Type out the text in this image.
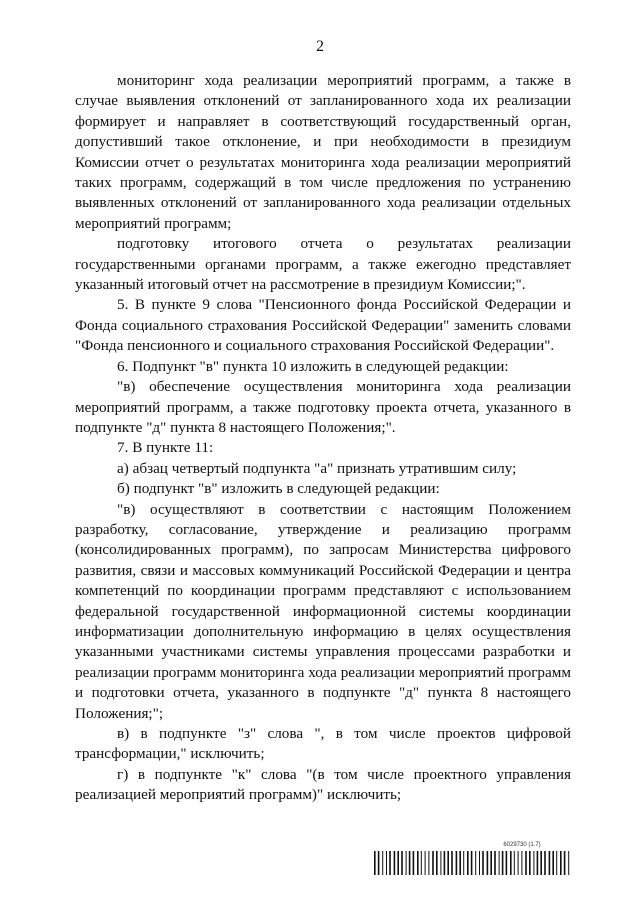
2

мониторинг хода реализации мероприятий программ, а также в случае выявления отклонений от запланированного хода их реализации формирует и направляет в соответствующий государственный орган, допустивший такое отклонение, и при необходимости в президиум Комиссии отчет о результатах мониторинга хода реализации мероприятий таких программ, содержащий в том числе предложения по устранению выявленных отклонений от запланированного хода реализации отдельных мероприятий программ;

подготовку итогового отчета о результатах реализации государственными органами программ, а также ежегодно представляет указанный итоговый отчет на рассмотрение в президиум Комиссии;".

5. В пункте 9 слова "Пенсионного фонда Российской Федерации и Фонда социального страхования Российской Федерации" заменить словами "Фонда пенсионного и социального страхования Российской Федерации".

6. Подпункт "в" пункта 10 изложить в следующей редакции:

"в) обеспечение осуществления мониторинга хода реализации мероприятий программ, а также подготовку проекта отчета, указанного в подпункте "д" пункта 8 настоящего Положения;".

7. В пункте 11:

а) абзац четвертый подпункта "а" признать утратившим силу;

б) подпункт "в" изложить в следующей редакции:

"в) осуществляют в соответствии с настоящим Положением разработку, согласование, утверждение и реализацию программ (консолидированных программ), по запросам Министерства цифрового развития, связи и массовых коммуникаций Российской Федерации и центра компетенций по координации программ представляют с использованием федеральной государственной информационной системы координации информатизации дополнительную информацию в целях осуществления указанными участниками системы управления процессами разработки и реализации программ мониторинга хода реализации мероприятий программ и подготовки отчета, указанного в подпункте "д" пункта 8 настоящего Положения;";

в) в подпункте "з" слова ", в том числе проектов цифровой трансформации," исключить;

г) в подпункте "к" слова "(в том числе проектного управления реализацией мероприятий программ)" исключить;

6029730 (1.7)
